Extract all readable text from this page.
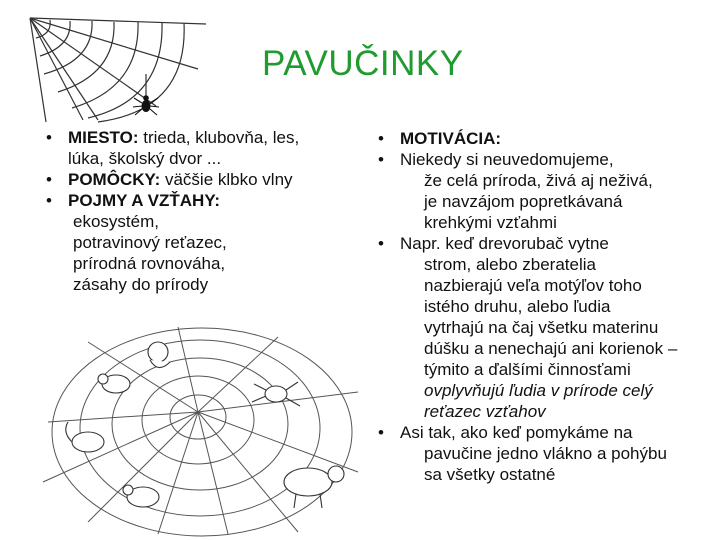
PAVUČINKY
• MIESTO: trieda, klubovňa, les,
lúka, školský dvor ...
• POMÔCKY: väčšie klbko vlny
• POJMY A VZŤAHY:
ekosystém,
potravinový reťazec,
prírodná rovnováha,
zásahy do prírody
• MOTIVÁCIA:
• Niekedy si neuvedomujeme,
že celá príroda, živá aj neživá,
je navzájom popretkávaná
krehkými vzťahmi
• Napr. keď drevorubač vytne
strom, alebo zberatelia
nazbierajú veľa motýľov toho
istého druhu, alebo ľudia
vytrhajú na čaj všetku materinu
dúšku a nenechajú ani korienok –
týmito a ďalšími činnosťami
ovplyvňujú ľudia v prírode celý
reťazec vzťahov
• Asi tak, ako keď pomykáme na
pavučine jedno vlákno a pohýbu
sa všetky ostatné
